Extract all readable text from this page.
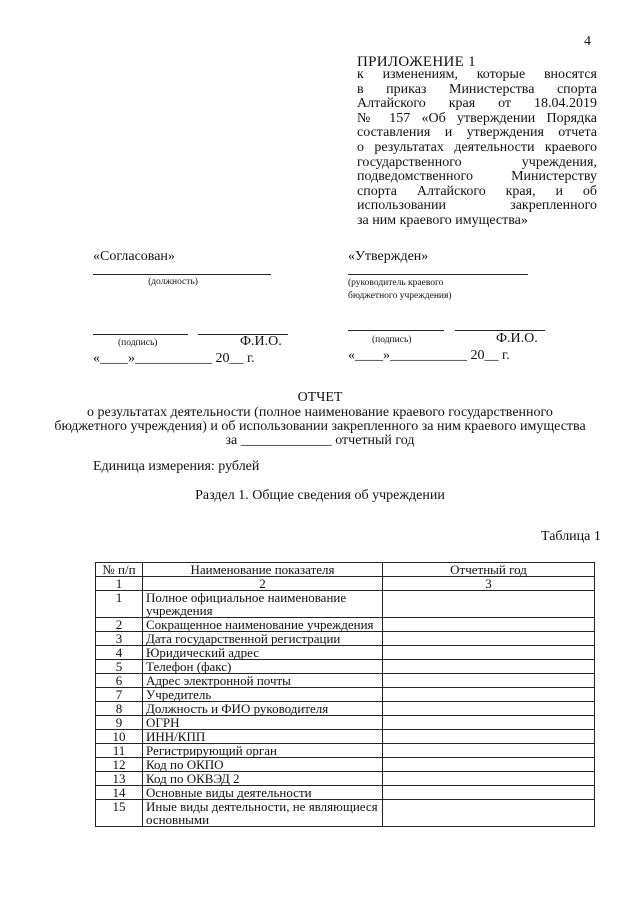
4
ПРИЛОЖЕНИЕ 1
к изменениям, которые вносятся
в приказ Министерства спорта
Алтайского края от 18.04.2019
№ 157 «Об утверждении Порядка
составления и утверждения отчета
о результатах деятельности краевого
государственного учреждения,
подведомственного Министерству
спорта Алтайского края, и об
использовании закрепленного
за ним краевого имущества»
«Согласован»
(должность)
(подпись)	Ф.И.О.
«____»___________ 20__ г.
«Утвержден»
(руководитель краевого
бюджетного учреждения)
(подпись)	Ф.И.О.
«____»___________ 20__ г.
ОТЧЕТ
о результатах деятельности (полное наименование краевого государственного
бюджетного учреждения) и об использовании закрепленного за ним краевого имущества
за _____________ отчетный год
Единица измерения: рублей
Раздел 1. Общие сведения об учреждении
Таблица 1
№ п/п	Наименование показателя	Отчетный год
1	2	3
1	Полное официальное наименование учреждения	
2	Сокращенное наименование учреждения	
3	Дата государственной регистрации	
4	Юридический адрес	
5	Телефон (факс)	
6	Адрес электронной почты	
7	Учредитель	
8	Должность и ФИО руководителя	
9	ОГРН	
10	ИНН/КПП	
11	Регистрирующий орган	
12	Код по ОКПО	
13	Код по ОКВЭД 2	
14	Основные виды деятельности	
15	Иные виды деятельности, не являющиеся основными	
